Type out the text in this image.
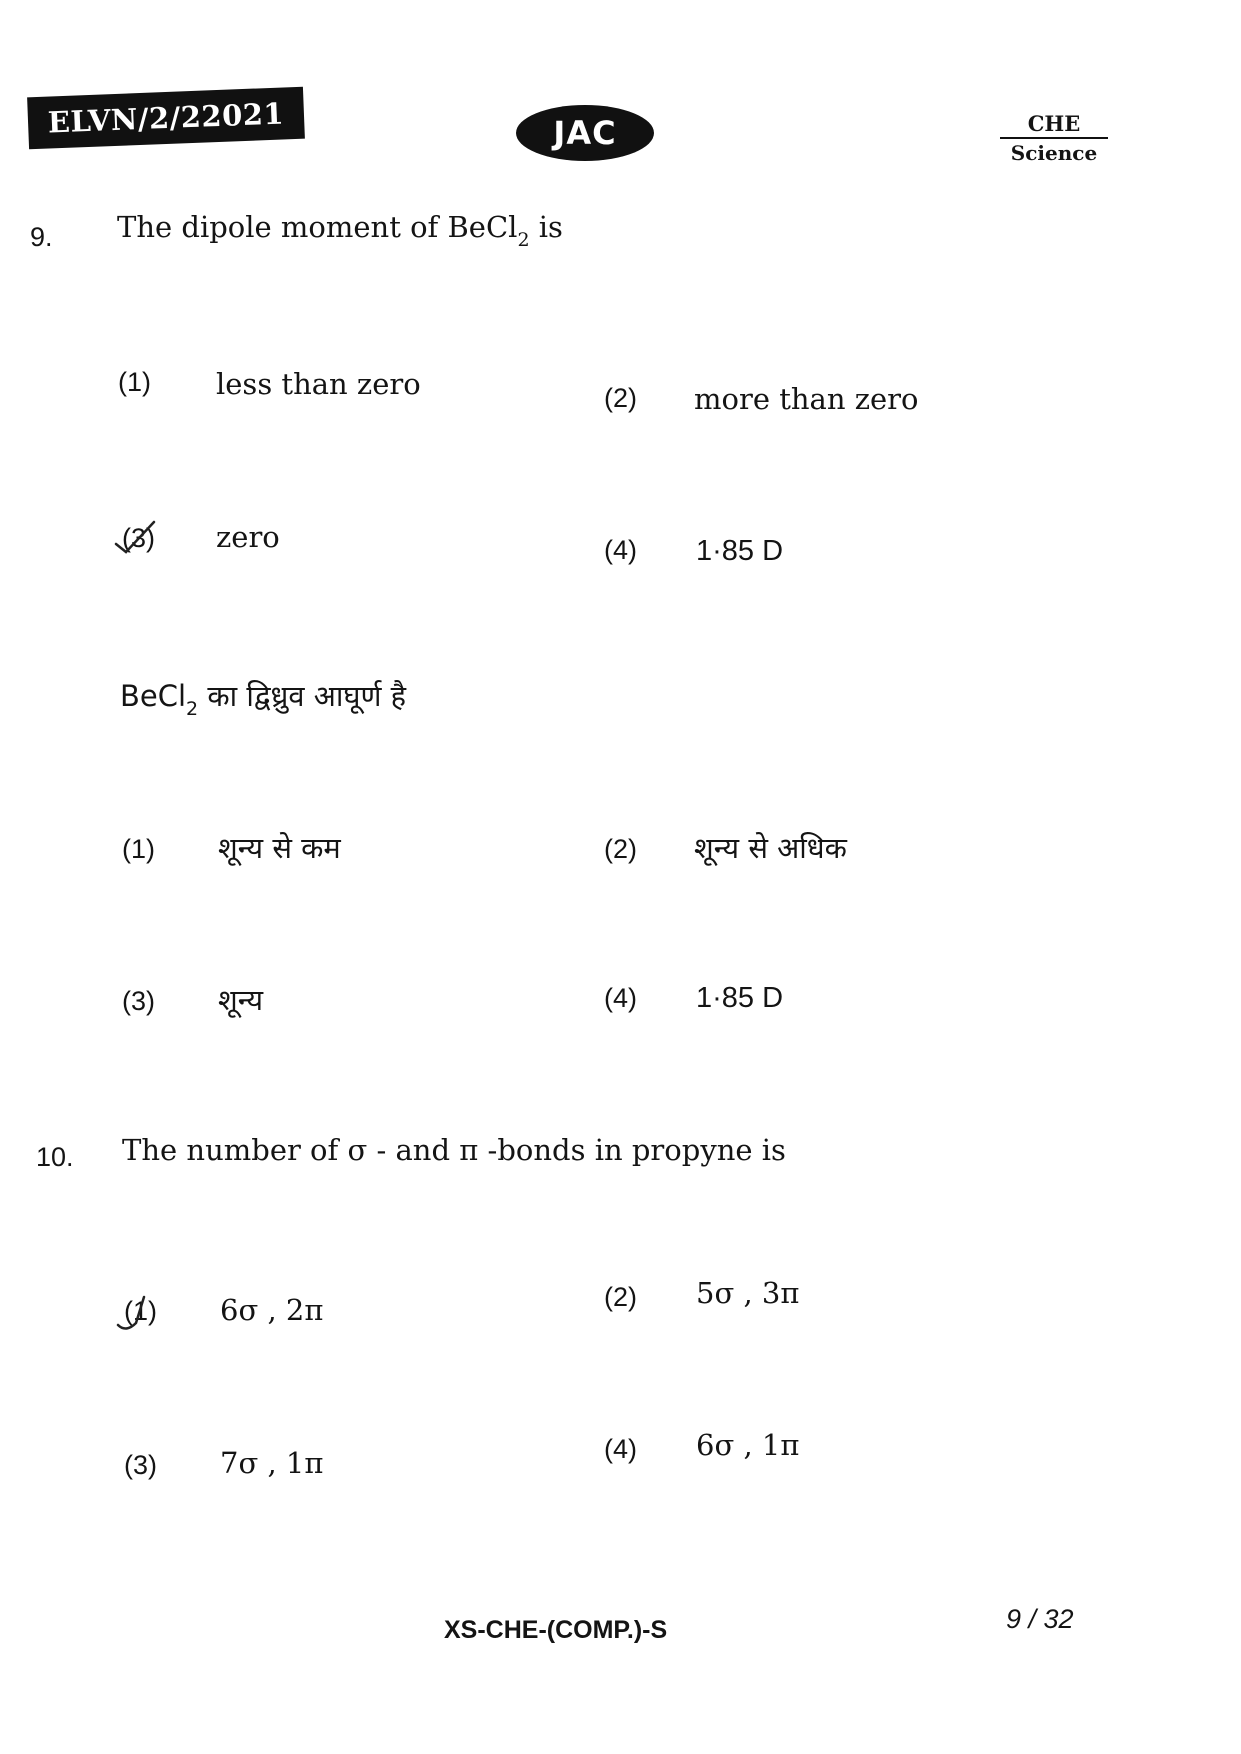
ELVN/2/22021	JAC	CHE
Science
9. The dipole moment of BeCl$_2$ is
(1) less than zero	(2) more than zero
(3) zero	(4) 1·85 D
BeCl$_2$ का द्विध्रुव आघूर्ण है
(1) शून्य से कम	(2) शून्य से अधिक
(3) शून्य	(4) 1·85 D
10. The number of σ - and π -bonds in propyne is
(1) 6σ , 2π	(2) 5σ , 3π
(3) 7σ , 1π	(4) 6σ , 1π
XS-CHE-(COMP.)-S	9 / 32
